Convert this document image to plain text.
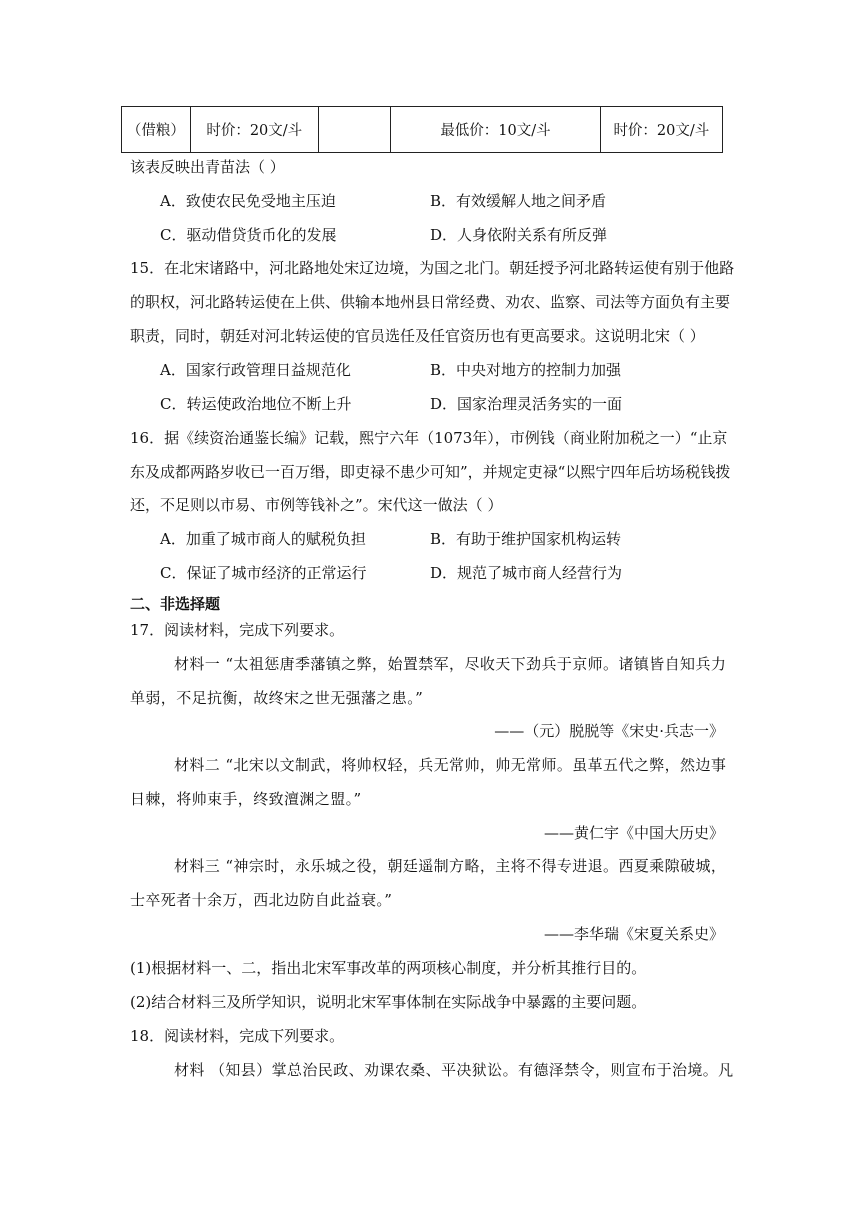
（借粮）	时价：20文/斗		最低价：10文/斗	时价：20文/斗
该表反映出青苗法（ ）
A．致使农民免受地主压迫	B．有效缓解人地之间矛盾
C．驱动借贷货币化的发展	D．人身依附关系有所反弹
15．在北宋诸路中，河北路地处宋辽边境，为国之北门。朝廷授予河北路转运使有别于他路
的职权，河北路转运使在上供、供输本地州县日常经费、劝农、监察、司法等方面负有主要
职责，同时，朝廷对河北转运使的官员选任及任官资历也有更高要求。这说明北宋（ ）
A．国家行政管理日益规范化	B．中央对地方的控制力加强
C．转运使政治地位不断上升	D．国家治理灵活务实的一面
16．据《续资治通鉴长编》记载，熙宁六年（1073年），市例钱（商业附加税之一）“止京
东及成都两路岁收已一百万缗，即吏禄不患少可知”，并规定吏禄“以熙宁四年后坊场税钱拨
还，不足则以市易、市例等钱补之”。宋代这一做法（ ）
A．加重了城市商人的赋税负担	B．有助于维护国家机构运转
C．保证了城市经济的正常运行	D．规范了城市商人经营行为
二、非选择题
17．阅读材料，完成下列要求。
材料一 “太祖惩唐季藩镇之弊，始置禁军，尽收天下劲兵于京师。诸镇皆自知兵力
单弱，不足抗衡，故终宋之世无强藩之患。”
——（元）脱脱等《宋史·兵志一》
材料二 “北宋以文制武，将帅权轻，兵无常帅，帅无常师。虽革五代之弊，然边事
日棘，将帅束手，终致澶渊之盟。”
——黄仁宇《中国大历史》
材料三 “神宗时，永乐城之役，朝廷遥制方略，主将不得专进退。西夏乘隙破城，
士卒死者十余万，西北边防自此益衰。”
——李华瑞《宋夏关系史》
(1)根据材料一、二，指出北宋军事改革的两项核心制度，并分析其推行目的。
(2)结合材料三及所学知识，说明北宋军事体制在实际战争中暴露的主要问题。
18．阅读材料，完成下列要求。
材料 （知县）掌总治民政、劝课农桑、平决狱讼。有德泽禁令，则宣布于治境。凡
